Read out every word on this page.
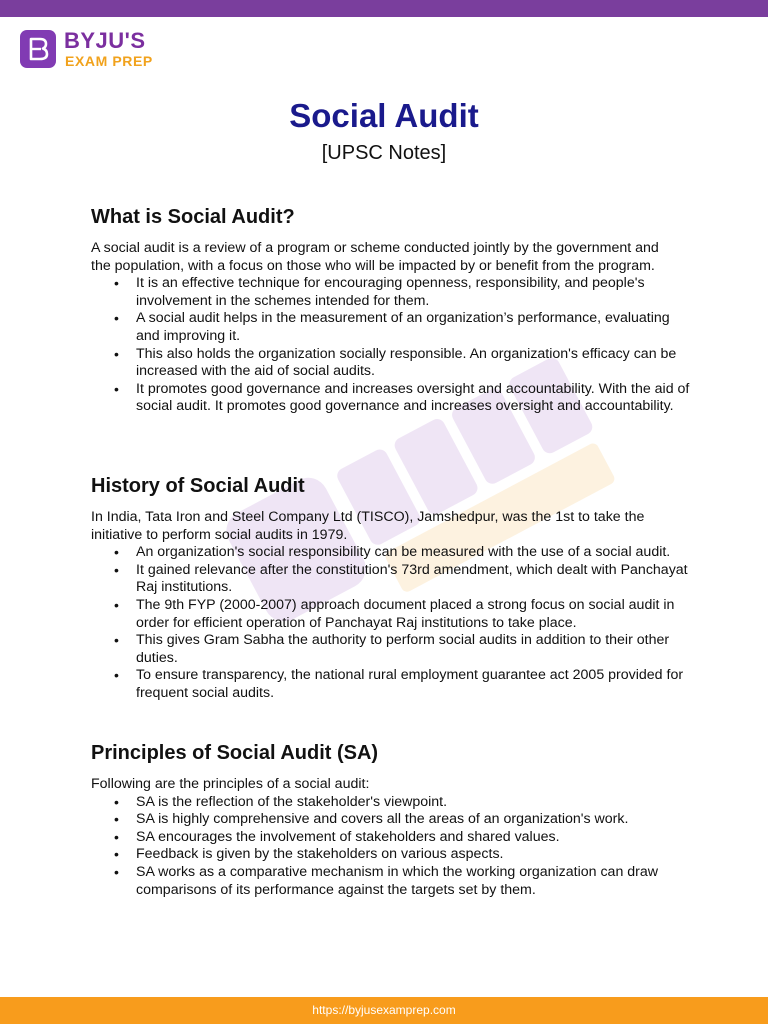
BYJU'S
EXAM PREP
Social Audit
[UPSC Notes]
What is Social Audit?

A social audit is a review of a program or scheme conducted jointly by the government and the population, with a focus on those who will be impacted by or benefit from the program.

• It is an effective technique for encouraging openness, responsibility, and people's involvement in the schemes intended for them.
• A social audit helps in the measurement of an organization’s performance, evaluating and improving it.
• This also holds the organization socially responsible. An organization's efficacy can be increased with the aid of social audits.
• It promotes good governance and increases oversight and accountability. With the aid of social audit. It promotes good governance and increases oversight and accountability.
History of Social Audit

In India, Tata Iron and Steel Company Ltd (TISCO), Jamshedpur, was the 1st to take the initiative to perform social audits in 1979.

• An organization's social responsibility can be measured with the use of a social audit.
• It gained relevance after the constitution's 73rd amendment, which dealt with Panchayat Raj institutions.
• The 9th FYP (2000-2007) approach document placed a strong focus on social audit in order for efficient operation of Panchayat Raj institutions to take place.
• This gives Gram Sabha the authority to perform social audits in addition to their other duties.
• To ensure transparency, the national rural employment guarantee act 2005 provided for frequent social audits.
Principles of Social Audit (SA)

Following are the principles of a social audit:

• SA is the reflection of the stakeholder's viewpoint.
• SA is highly comprehensive and covers all the areas of an organization's work.
• SA encourages the involvement of stakeholders and shared values.
• Feedback is given by the stakeholders on various aspects.
• SA works as a comparative mechanism in which the working organization can draw comparisons of its performance against the targets set by them.
https://byjusexamprep.com
